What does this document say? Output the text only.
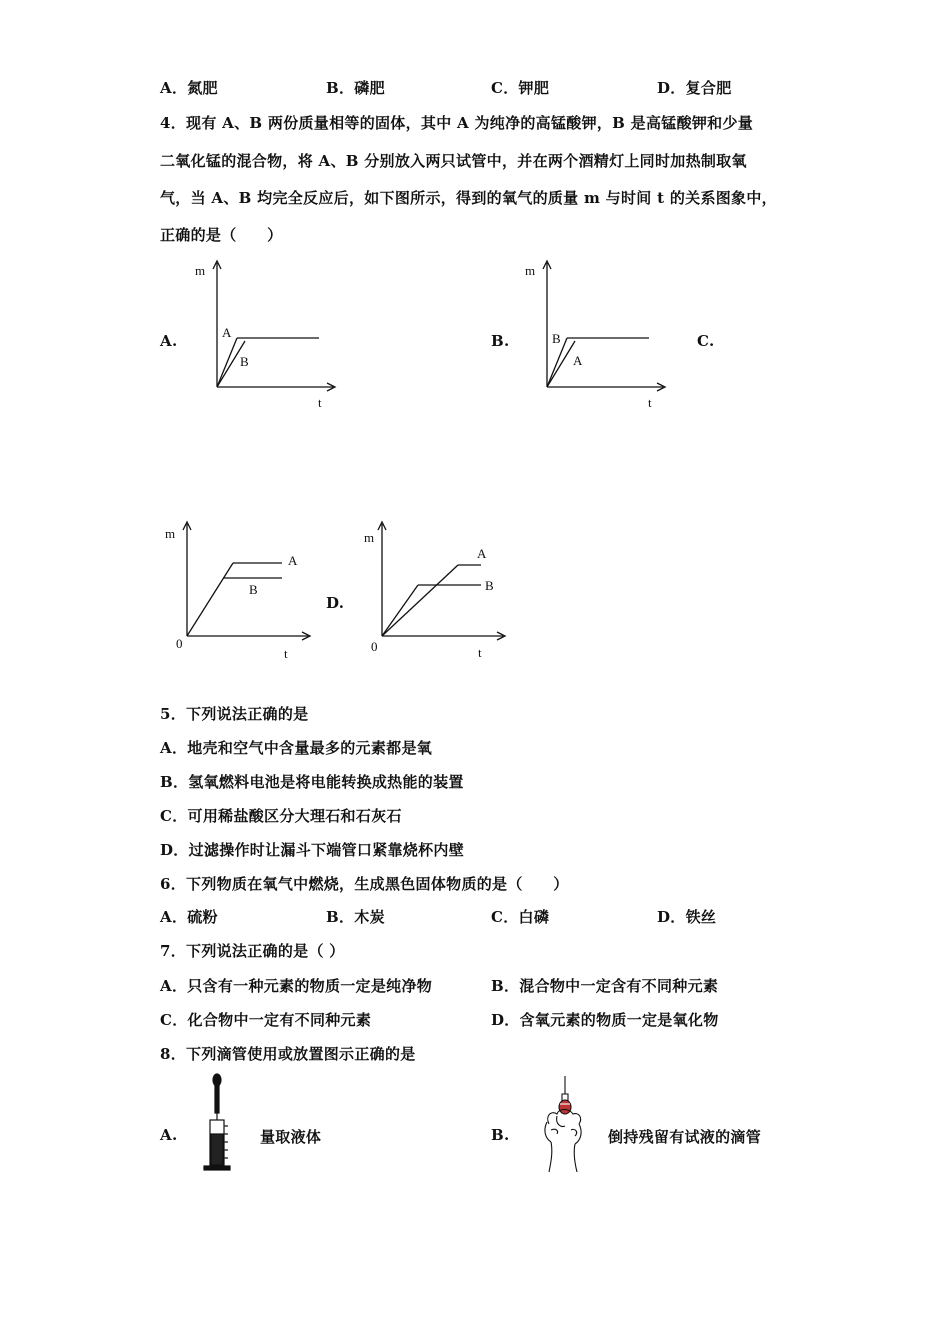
A．氮肥	B．磷肥	C．钾肥	D．复合肥
4．现有 A、B 两份质量相等的固体，其中 A 为纯净的高锰酸钾，B 是高锰酸钾和少量
二氧化锰的混合物，将 A、B 分别放入两只试管中，并在两个酒精灯上同时加热制取氧
气，当 A、B 均完全反应后，如下图所示，得到的氧气的质量 m 与时间 t 的关系图象中，
正确的是（　　）
A.	B.	C.
D.
m
t
A
B
m
t
B
A
m
0
t
A
B
m
0	t
A
B
5．下列说法正确的是
A．地壳和空气中含量最多的元素都是氧
B．氢氧燃料电池是将电能转换成热能的装置
C．可用稀盐酸区分大理石和石灰石
D．过滤操作时让漏斗下端管口紧靠烧杯内壁
6．下列物质在氧气中燃烧，生成黑色固体物质的是（　　）
A．硫粉	B．木炭	C．白磷	D．铁丝
7．下列说法正确的是（ ）
A．只含有一种元素的物质一定是纯净物	B．混合物中一定含有不同种元素
C．化合物中一定有不同种元素	D．含氧元素的物质一定是氧化物
8．下列滴管使用或放置图示正确的是
A.	量取液体	B.	倒持残留有试液的滴管
